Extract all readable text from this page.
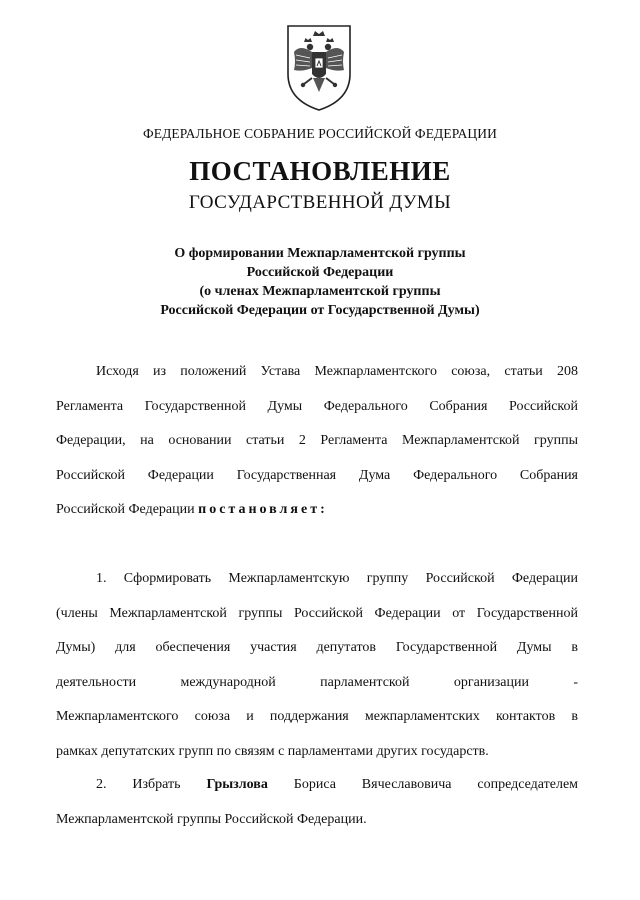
ФЕДЕРАЛЬНОЕ СОБРАНИЕ РОССИЙСКОЙ ФЕДЕРАЦИИ
ПОСТАНОВЛЕНИЕ
ГОСУДАРСТВЕННОЙ ДУМЫ
О формировании Межпарламентской группы
Российской Федерации
(о членах Межпарламентской группы
Российской Федерации от Государственной Думы)
Исходя из положений Устава Межпарламентского союза, статьи 208
Регламента Государственной Думы Федерального Собрания Российской
Федерации, на основании статьи 2 Регламента Межпарламентской группы
Российской Федерации Государственная Дума Федерального Собрания
Российской Федерации постановляет:
1. Сформировать Межпарламентскую группу Российской Федерации
(члены Межпарламентской группы Российской Федерации от Государственной
Думы) для обеспечения участия депутатов Государственной Думы в
деятельности международной парламентской организации -
Межпарламентского союза и поддержания межпарламентских контактов в
рамках депутатских групп по связям с парламентами других государств.
2. Избрать Грызлова Бориса Вячеславовича сопредседателем
Межпарламентской группы Российской Федерации.
